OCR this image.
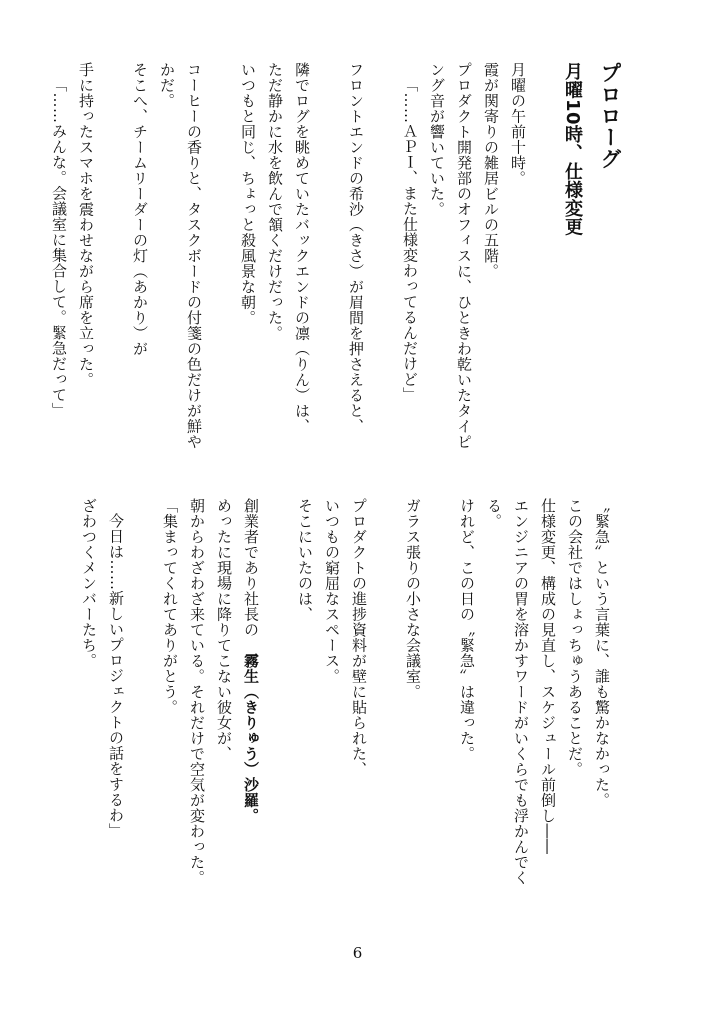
プロローグ
月曜10時、仕様変更
月曜の午前十時。
霞が関寄りの雑居ビルの五階。
プロダクト開発部のオフィスに、ひときわ乾いたタイピ
ング音が響いていた。
「……ＡＰＩ、また仕様変わってるんだけど」
フロントエンドの希沙（きさ）が眉間を押さえると、
隣でログを眺めていたバックエンドの凛（りん）は、
ただ静かに水を飲んで頷くだけだった。
いつもと同じ、ちょっと殺風景な朝。
コーヒーの香りと、タスクボードの付箋の色だけが鮮や
かだ。
そこへ、チームリーダーの灯（あかり）が
手に持ったスマホを震わせながら席を立った。
「……みんな。会議室に集合して。緊急だって」
〝緊急〟という言葉に、誰も驚かなかった。
この会社ではしょっちゅうあることだ。
仕様変更、構成の見直し、スケジュール前倒し――
エンジニアの胃を溶かすワードがいくらでも浮かんでく
る。
けれど、この日の〝緊急〟は違った。
ガラス張りの小さな会議室。
プロダクトの進捗資料が壁に貼られた、
いつもの窮屈なスペース。
そこにいたのは、
創業者であり社長の　霧生（きりゅう）沙羅。
めったに現場に降りてこない彼女が、
朝からわざわざ来ている。それだけで空気が変わった。
「集まってくれてありがとう。
今日は……新しいプロジェクトの話をするわ」
ざわつくメンバーたち。
6
